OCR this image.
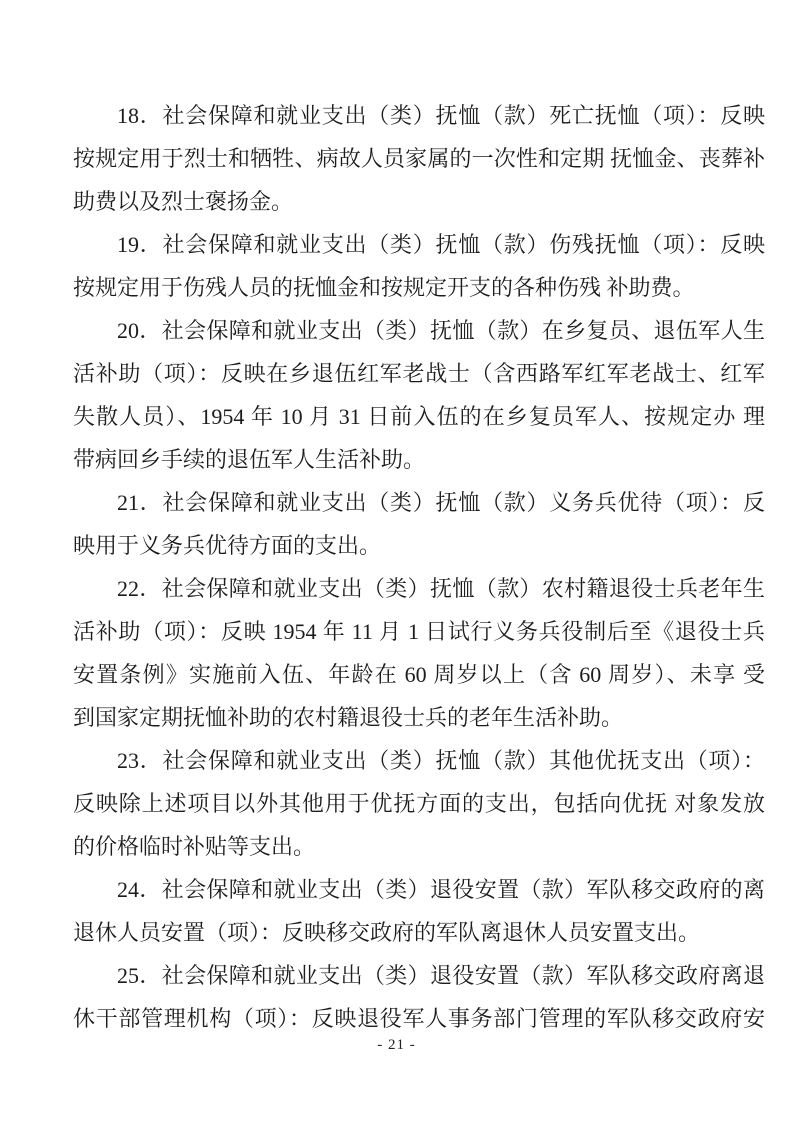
18．社会保障和就业支出（类）抚恤（款）死亡抚恤（项）：反映
按规定用于烈士和牺牲、病故人员家属的一次性和定期 抚恤金、丧葬补
助费以及烈士褒扬金。
19．社会保障和就业支出（类）抚恤（款）伤残抚恤（项）：反映
按规定用于伤残人员的抚恤金和按规定开支的各种伤残 补助费。
20．社会保障和就业支出（类）抚恤（款）在乡复员、退伍军人生
活补助（项）：反映在乡退伍红军老战士（含西路军红军老战士、红军
失散人员）、1954 年 10 月 31 日前入伍的在乡复员军人、按规定办 理
带病回乡手续的退伍军人生活补助。
21．社会保障和就业支出（类）抚恤（款）义务兵优待（项）：反
映用于义务兵优待方面的支出。
22．社会保障和就业支出（类）抚恤（款）农村籍退役士兵老年生
活补助（项）：反映 1954 年 11 月 1 日试行义务兵役制后至《退役士兵
安置条例》实施前入伍、年龄在 60 周岁以上（含 60 周岁）、未享 受
到国家定期抚恤补助的农村籍退役士兵的老年生活补助。
23．社会保障和就业支出（类）抚恤（款）其他优抚支出（项）：
反映除上述项目以外其他用于优抚方面的支出，包括向优抚 对象发放
的价格临时补贴等支出。
24．社会保障和就业支出（类）退役安置（款）军队移交政府的离
退休人员安置（项）：反映移交政府的军队离退休人员安置支出。
25．社会保障和就业支出（类）退役安置（款）军队移交政府离退
休干部管理机构（项）：反映退役军人事务部门管理的军队移交政府安
- 21 -
